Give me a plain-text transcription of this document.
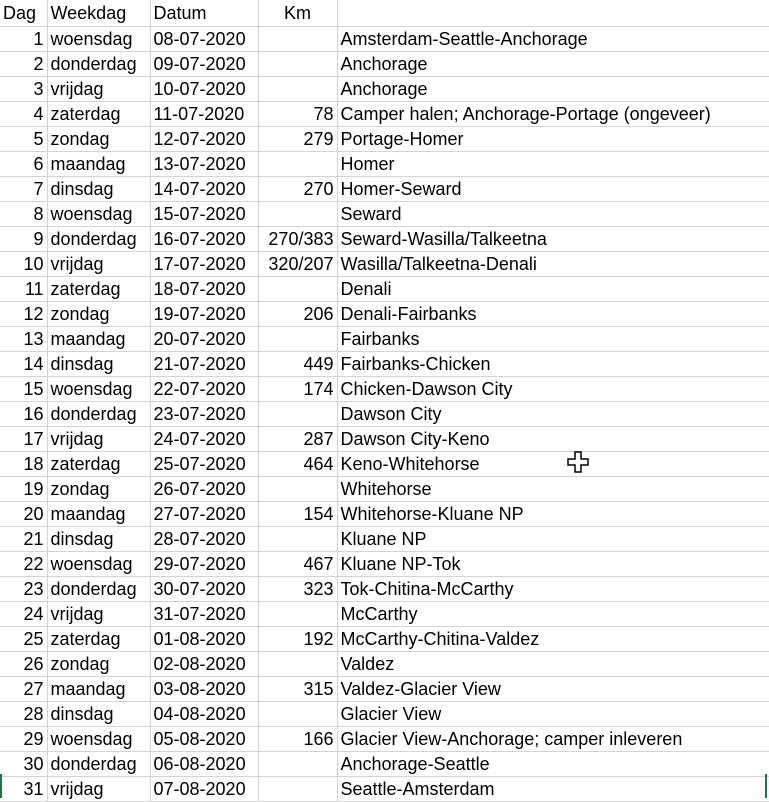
Dag	Weekdag	Datum	Km	
1	woensdag	08-07-2020		Amsterdam-Seattle-Anchorage
2	donderdag	09-07-2020		Anchorage
3	vrijdag	10-07-2020		Anchorage
4	zaterdag	11-07-2020	78	Camper halen; Anchorage-Portage (ongeveer)
5	zondag	12-07-2020	279	Portage-Homer
6	maandag	13-07-2020		Homer
7	dinsdag	14-07-2020	270	Homer-Seward
8	woensdag	15-07-2020		Seward
9	donderdag	16-07-2020	270/383	Seward-Wasilla/Talkeetna
10	vrijdag	17-07-2020	320/207	Wasilla/Talkeetna-Denali
11	zaterdag	18-07-2020		Denali
12	zondag	19-07-2020	206	Denali-Fairbanks
13	maandag	20-07-2020		Fairbanks
14	dinsdag	21-07-2020	449	Fairbanks-Chicken
15	woensdag	22-07-2020	174	Chicken-Dawson City
16	donderdag	23-07-2020		Dawson City
17	vrijdag	24-07-2020	287	Dawson City-Keno
18	zaterdag	25-07-2020	464	Keno-Whitehorse
19	zondag	26-07-2020		Whitehorse
20	maandag	27-07-2020	154	Whitehorse-Kluane NP
21	dinsdag	28-07-2020		Kluane NP
22	woensdag	29-07-2020	467	Kluane NP-Tok
23	donderdag	30-07-2020	323	Tok-Chitina-McCarthy
24	vrijdag	31-07-2020		McCarthy
25	zaterdag	01-08-2020	192	McCarthy-Chitina-Valdez
26	zondag	02-08-2020		Valdez
27	maandag	03-08-2020	315	Valdez-Glacier View
28	dinsdag	04-08-2020		Glacier View
29	woensdag	05-08-2020	166	Glacier View-Anchorage; camper inleveren
30	donderdag	06-08-2020		Anchorage-Seattle
31	vrijdag	07-08-2020		Seattle-Amsterdam
